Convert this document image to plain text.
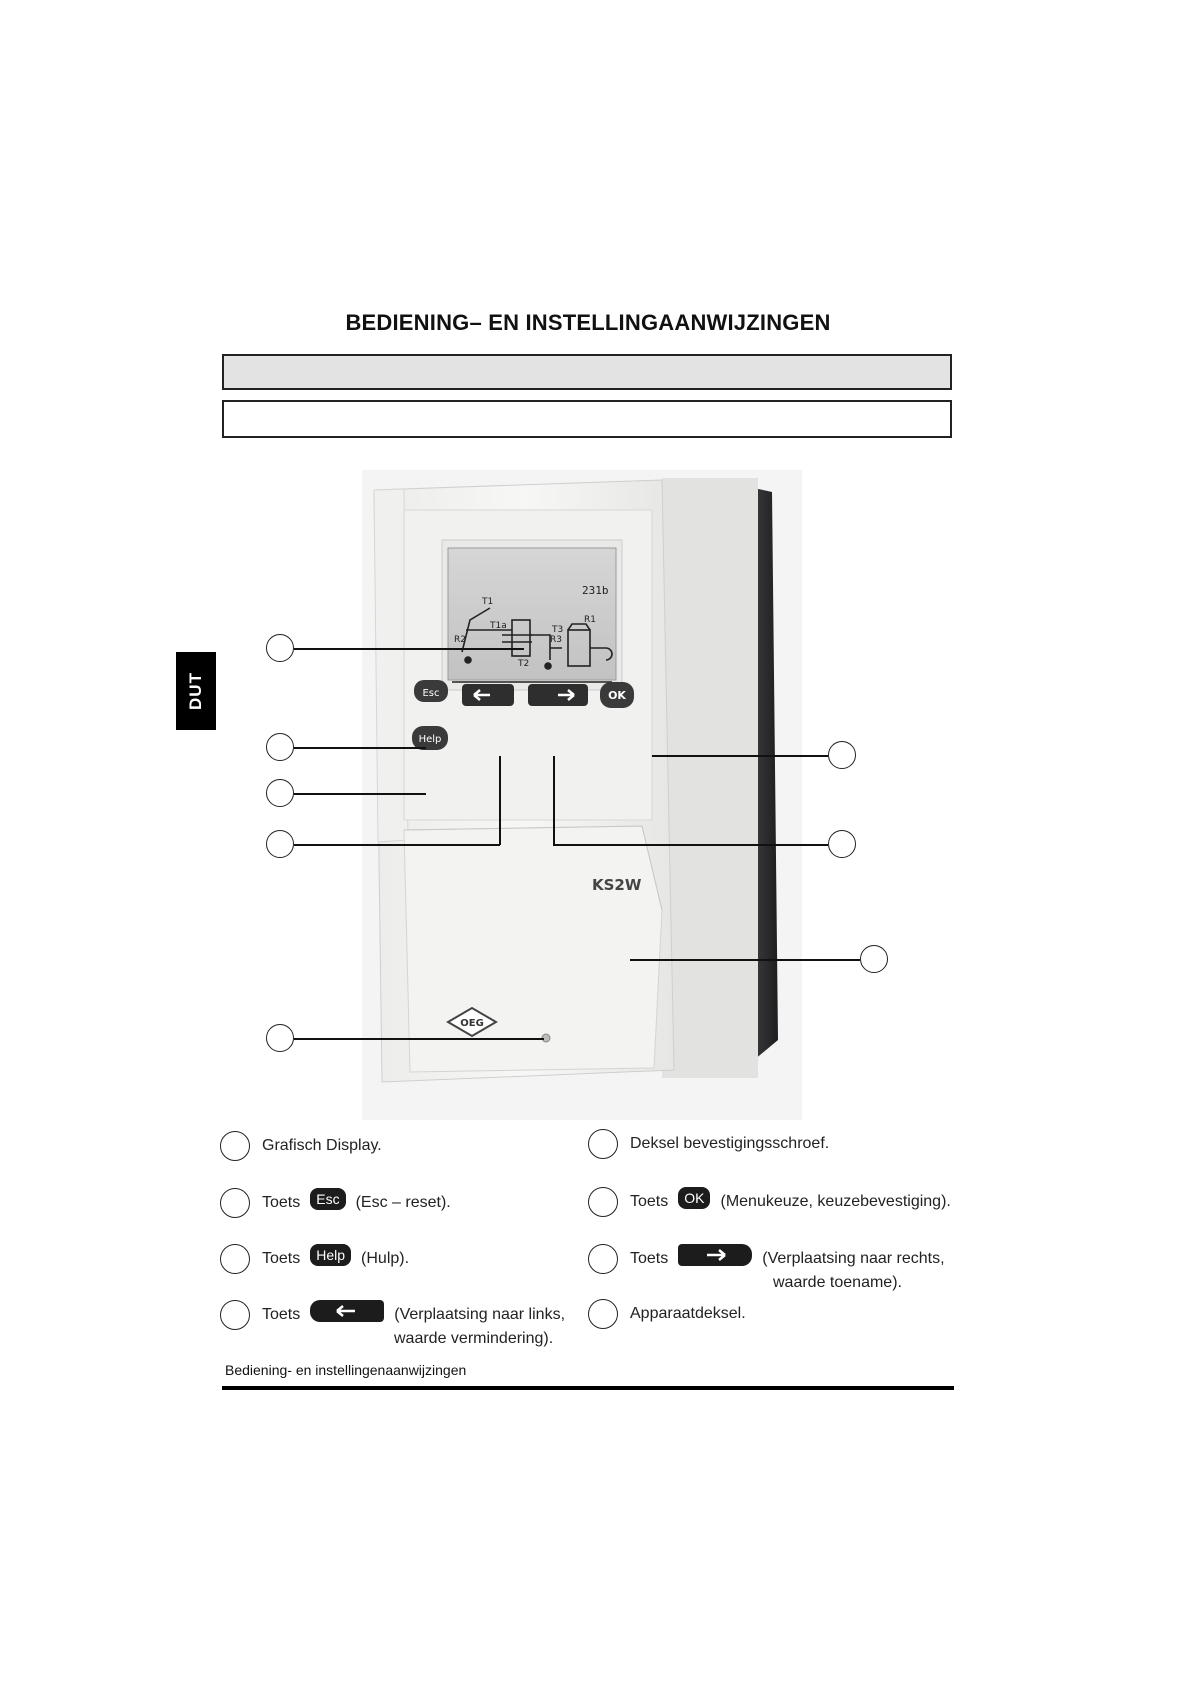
BEDIENING– EN INSTELLINGAANWIJZINGEN
DUT
231b
T1
T1a	T3
R1
R2	R3
T2
Esc	OK
Help
KS2W
OEG
Grafisch Display.
Toets	Esc	(Esc – reset).
Toets	Help	(Hulp).
Toets	(Verplaatsing naar links,
waarde vermindering).
Deksel bevestigingsschroef.
Toets	OK	(Menukeuze, keuzebevestiging).
Toets	(Verplaatsing naar rechts,
waarde toename).
Apparaatdeksel.
Bediening- en instellingenaanwijzingen
